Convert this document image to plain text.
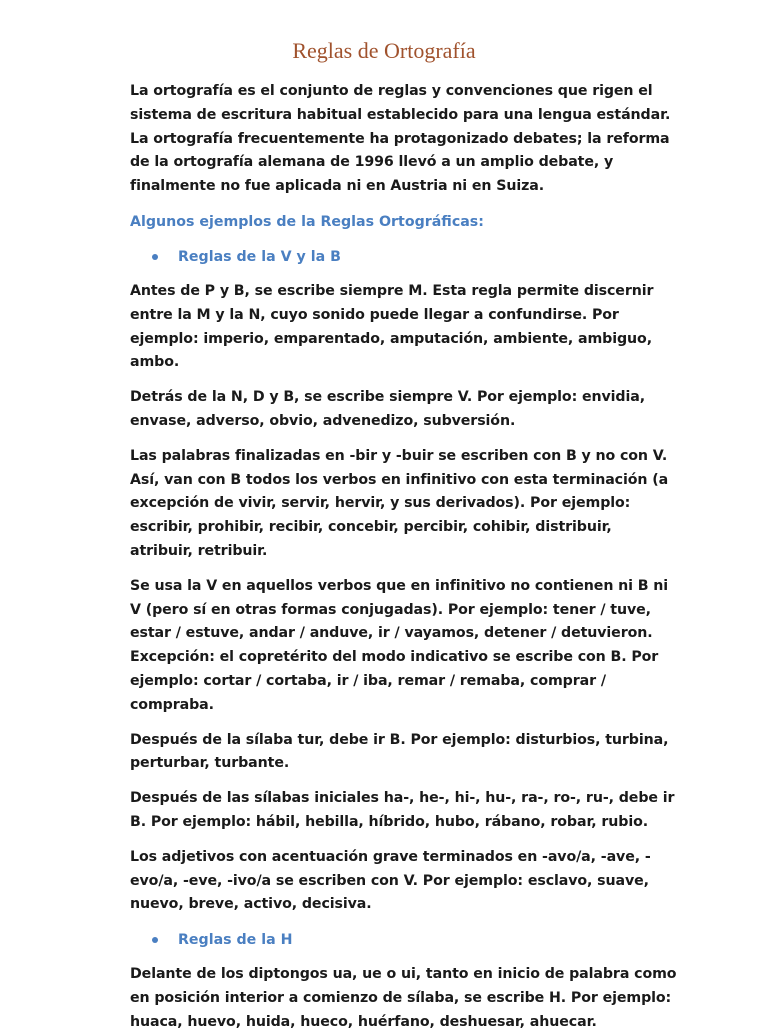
Reglas de Ortografía

La ortografía es el conjunto de reglas y convenciones que rigen el sistema de escritura habitual establecido para una lengua estándar. La ortografía frecuentemente ha protagonizado debates; la reforma de la ortografía alemana de 1996 llevó a un amplio debate, y finalmente no fue aplicada ni en Austria ni en Suiza.

Algunos ejemplos de la Reglas Ortográficas:

Reglas de la V y la B

Antes de P y B, se escribe siempre M. Esta regla permite discernir entre la M y la N, cuyo sonido puede llegar a confundirse. Por ejemplo: imperio, emparentado, amputación, ambiente, ambiguo, ambo.

Detrás de la N, D y B, se escribe siempre V. Por ejemplo: envidia, envase, adverso, obvio, advenedizo, subversión.

Las palabras finalizadas en -bir y -buir se escriben con B y no con V. Así, van con B todos los verbos en infinitivo con esta terminación (a excepción de vivir, servir, hervir, y sus derivados). Por ejemplo: escribir, prohibir, recibir, concebir, percibir, cohibir, distribuir, atribuir, retribuir.

Se usa la V en aquellos verbos que en infinitivo no contienen ni B ni V (pero sí en otras formas conjugadas). Por ejemplo: tener / tuve, estar / estuve, andar / anduve, ir / vayamos, detener / detuvieron. Excepción: el copretérito del modo indicativo se escribe con B. Por ejemplo: cortar / cortaba, ir / iba, remar / remaba, comprar / compraba.

Después de la sílaba tur, debe ir B. Por ejemplo: disturbios, turbina, perturbar, turbante.

Después de las sílabas iniciales ha-, he-, hi-, hu-, ra-, ro-, ru-, debe ir B. Por ejemplo: hábil, hebilla, híbrido, hubo, rábano, robar, rubio.

Los adjetivos con acentuación grave terminados en -avo/a, -ave, -evo/a, -eve, -ivo/a se escriben con V. Por ejemplo: esclavo, suave, nuevo, breve, activo, decisiva.

Reglas de la H

Delante de los diptongos ua, ue o ui, tanto en inicio de palabra como en posición interior a comienzo de sílaba, se escribe H. Por ejemplo: huaca, huevo, huida, hueco, huérfano, deshuesar, ahuecar.
